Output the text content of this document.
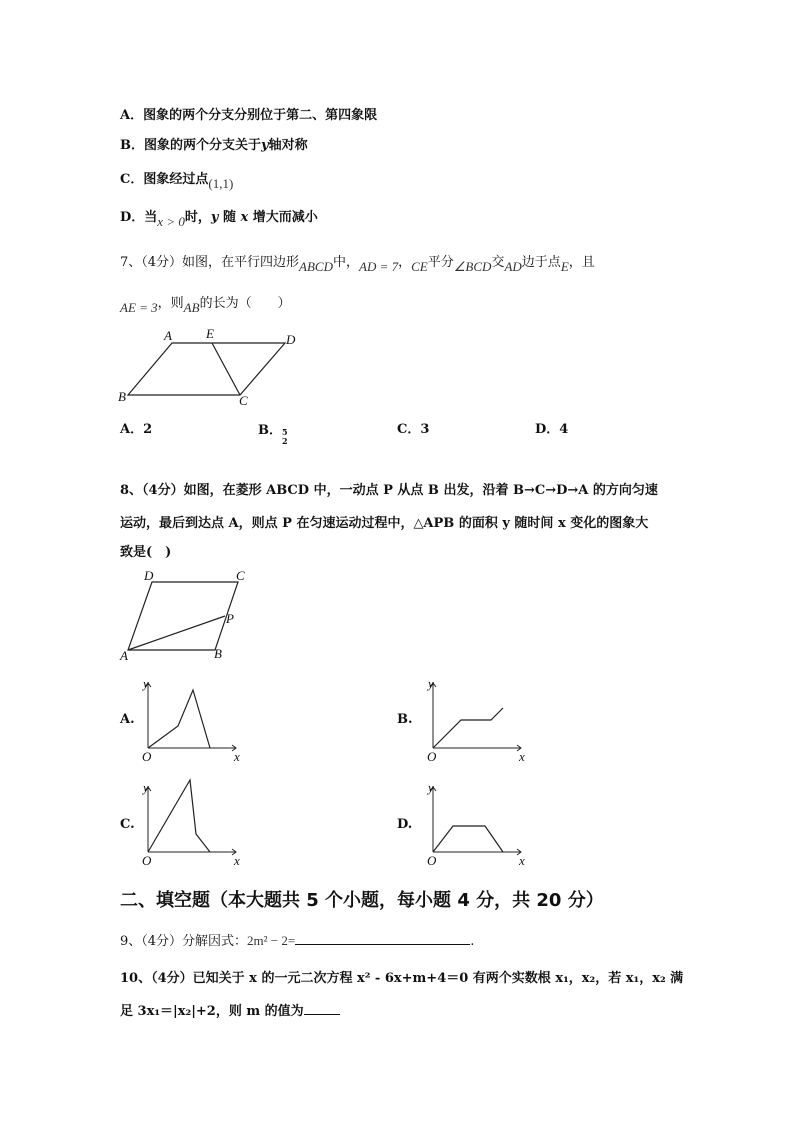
A．图象的两个分支分别位于第二、第四象限
B．图象的两个分支关于y轴对称
C．图象经过点(1,1)
D．当x > 0时，y 随 x 增大而减小
7、（4分）如图，在平行四边形ABCD中，AD = 7，CE平分∠BCD交AD边于点E，且
AE = 3，则AB的长为（　　）
A	E	D
B	C
D	C
P
A	B
x
y
O	x
y
O
x
y
O	x
y
O
A．2	B．5
2
C．3	D．4
8、（4分）如图，在菱形 ABCD 中，一动点 P 从点 B 出发，沿着 B→C→D→A 的方向匀速
运动，最后到达点 A，则点 P 在匀速运动过程中，△APB 的面积 y 随时间 x 变化的图象大
致是(　)
A.	B.
C.	D.
二、填空题（本大题共 5 个小题，每小题 4 分，共 20 分）
9、（4分）分解因式：2m² − 2=	.
10、（4分）已知关于 x 的一元二次方程 x² - 6x+m+4＝0 有两个实数根 x₁，x₂，若 x₁，x₂ 满
足 3x₁＝|x₂|+2，则 m 的值为
